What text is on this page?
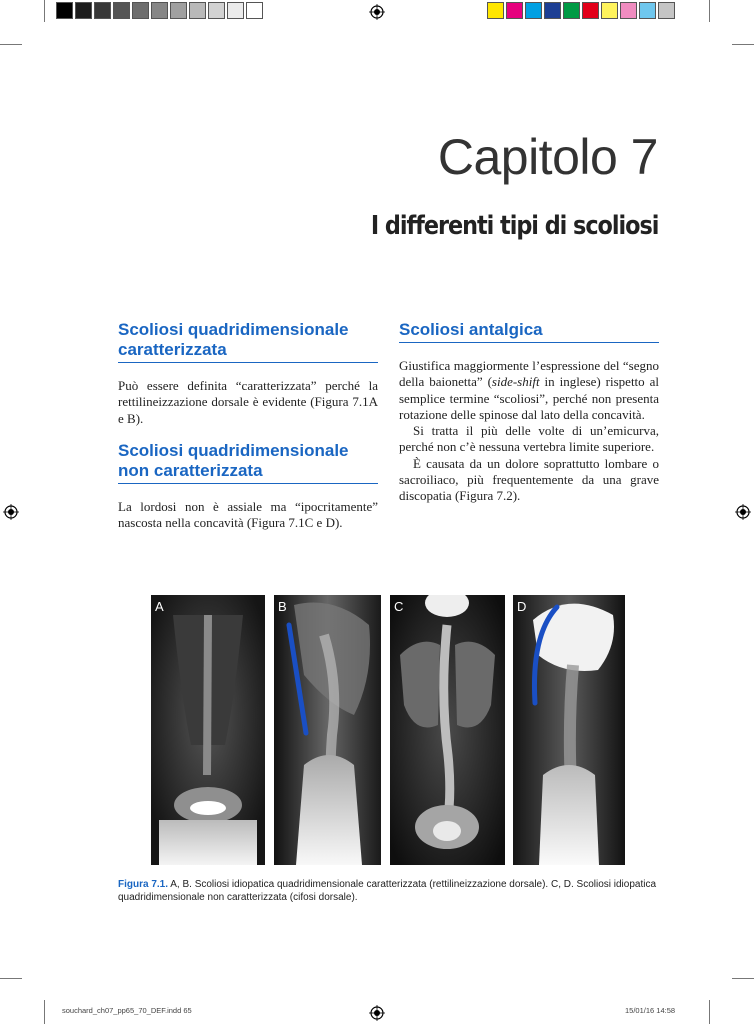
Capitolo 7
I differenti tipi di scoliosi
Scoliosi quadridimensionale caratterizzata

Può essere definita “caratterizzata” perché la rettilineizzazione dorsale è evidente (Figura 7.1A e B).

Scoliosi quadridimensionale non caratterizzata

La lordosi non è assiale ma “ipocritamente” nascosta nella concavità (Figura 7.1C e D).

Scoliosi antalgica

Giustifica maggiormente l’espressione del “segno della baionetta” (side-shift in inglese) rispetto al semplice termine “scoliosi”, perché non presenta rotazione delle spinose dal lato della concavità.

Si tratta il più delle volte di un’emicurva, perché non c’è nessuna vertebra limite superiore.

È causata da un dolore soprattutto lombare o sacroiliaco, più frequentemente da una grave discopatia (Figura 7.2).

A	B	C	D

Figura 7.1. A, B. Scoliosi idiopatica quadridimensionale caratterizzata (rettilineizzazione dorsale). C, D. Scoliosi idiopatica quadridimensionale non caratterizzata (cifosi dorsale).

souchard_ch07_pp65_70_DEF.indd 65	15/01/16 14:58
